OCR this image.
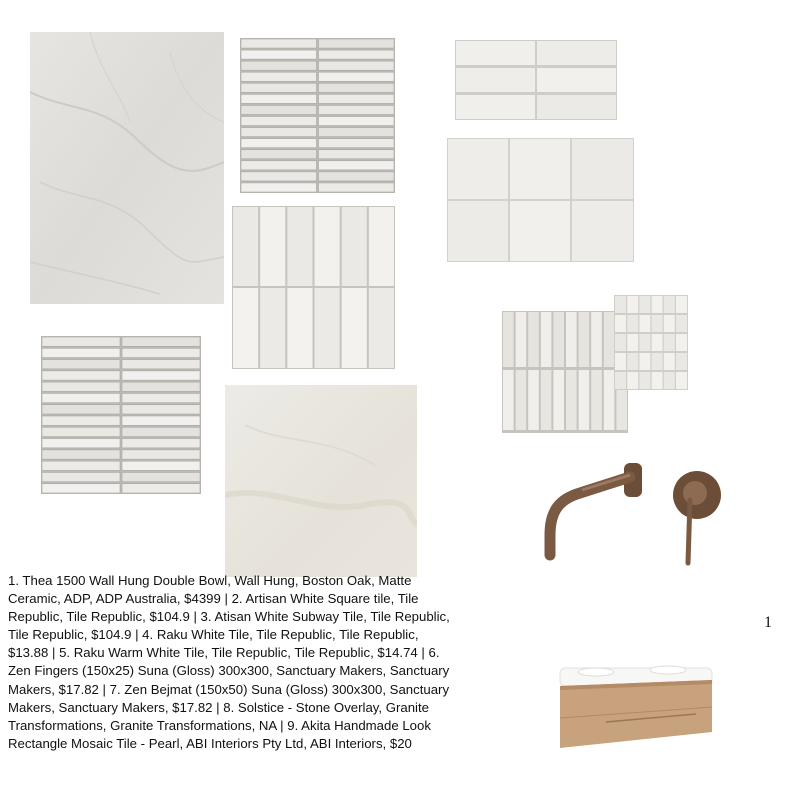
1. Thea 1500 Wall Hung Double Bowl, Wall Hung, Boston Oak, Matte Ceramic, ADP, ADP Australia, $4399 | 2. Artisan White Square tile, Tile Republic, Tile Republic, $104.9 | 3. Atisan White Subway Tile, Tile Republic, Tile Republic, $104.9 | 4. Raku White Tile, Tile Republic, Tile Republic, $13.88 | 5. Raku Warm White Tile, Tile Republic, Tile Republic, $14.74 | 6. Zen Fingers (150x25) Suna (Gloss) 300x300, Sanctuary Makers, Sanctuary Makers, $17.82 | 7. Zen Bejmat (150x50) Suna (Gloss) 300x300, Sanctuary Makers, Sanctuary Makers, $17.82 | 8. Solstice - Stone Overlay, Granite Transformations, Granite Transformations, NA | 9. Akita Handmade Look Rectangle Mosaic Tile - Pearl, ABI Interiors Pty Ltd, ABI Interiors, $20

1
